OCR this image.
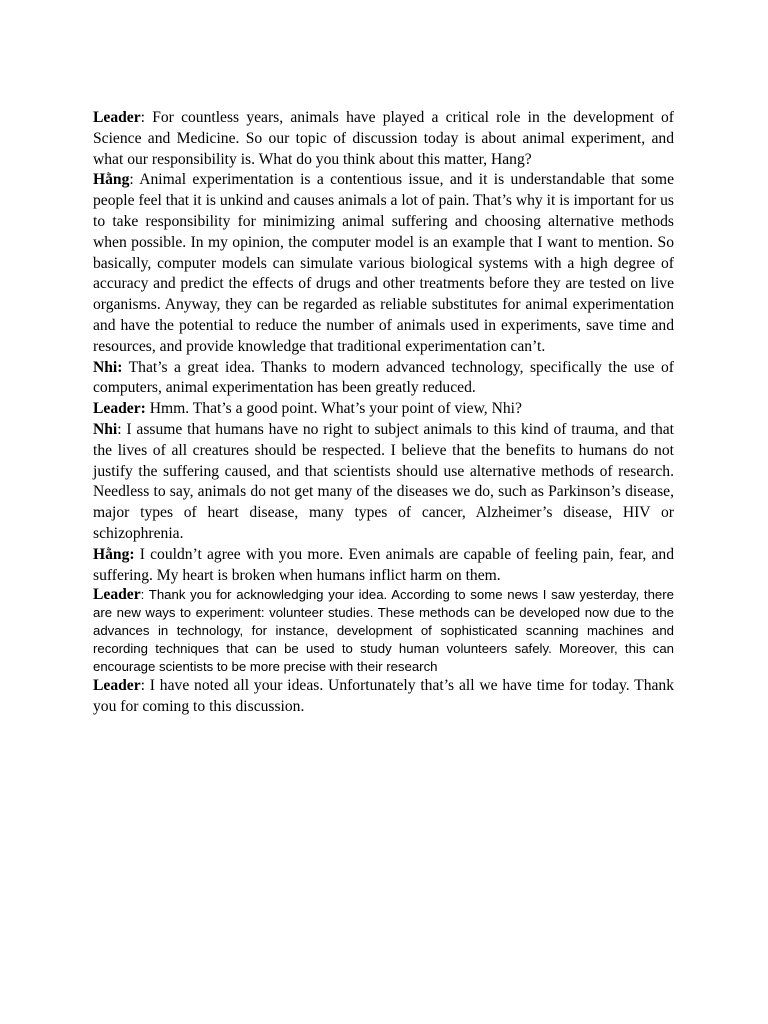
Leader: For countless years, animals have played a critical role in the development of Science and Medicine. So our topic of discussion today is about animal experiment, and what our responsibility is. What do you think about this matter, Hang?

Hằng: Animal experimentation is a contentious issue, and it is understandable that some people feel that it is unkind and causes animals a lot of pain. That’s why it is important for us to take responsibility for minimizing animal suffering and choosing alternative methods when possible. In my opinion, the computer model is an example that I want to mention. So basically, computer models can simulate various biological systems with a high degree of accuracy and predict the effects of drugs and other treatments before they are tested on live organisms. Anyway, they can be regarded as reliable substitutes for animal experimentation and have the potential to reduce the number of animals used in experiments, save time and resources, and provide knowledge that traditional experimentation can’t.

Nhi: That’s a great idea. Thanks to modern advanced technology, specifically the use of computers, animal experimentation has been greatly reduced.

Leader: Hmm. That’s a good point. What’s your point of view, Nhi?

Nhi: I assume that humans have no right to subject animals to this kind of trauma, and that the lives of all creatures should be respected. I believe that the benefits to humans do not justify the suffering caused, and that scientists should use alternative methods of research. Needless to say, animals do not get many of the diseases we do, such as Parkinson’s disease, major types of heart disease, many types of cancer, Alzheimer’s disease, HIV or schizophrenia.

Hằng: I couldn’t agree with you more. Even animals are capable of feeling pain, fear, and suffering. My heart is broken when humans inflict harm on them.

Leader: Thank you for acknowledging your idea. According to some news I saw yesterday, there are new ways to experiment: volunteer studies. These methods can be developed now due to the advances in technology, for instance, development of sophisticated scanning machines and recording techniques that can be used to study human volunteers safely. Moreover, this can encourage scientists to be more precise with their research

Leader: I have noted all your ideas. Unfortunately that’s all we have time for today. Thank you for coming to this discussion.
